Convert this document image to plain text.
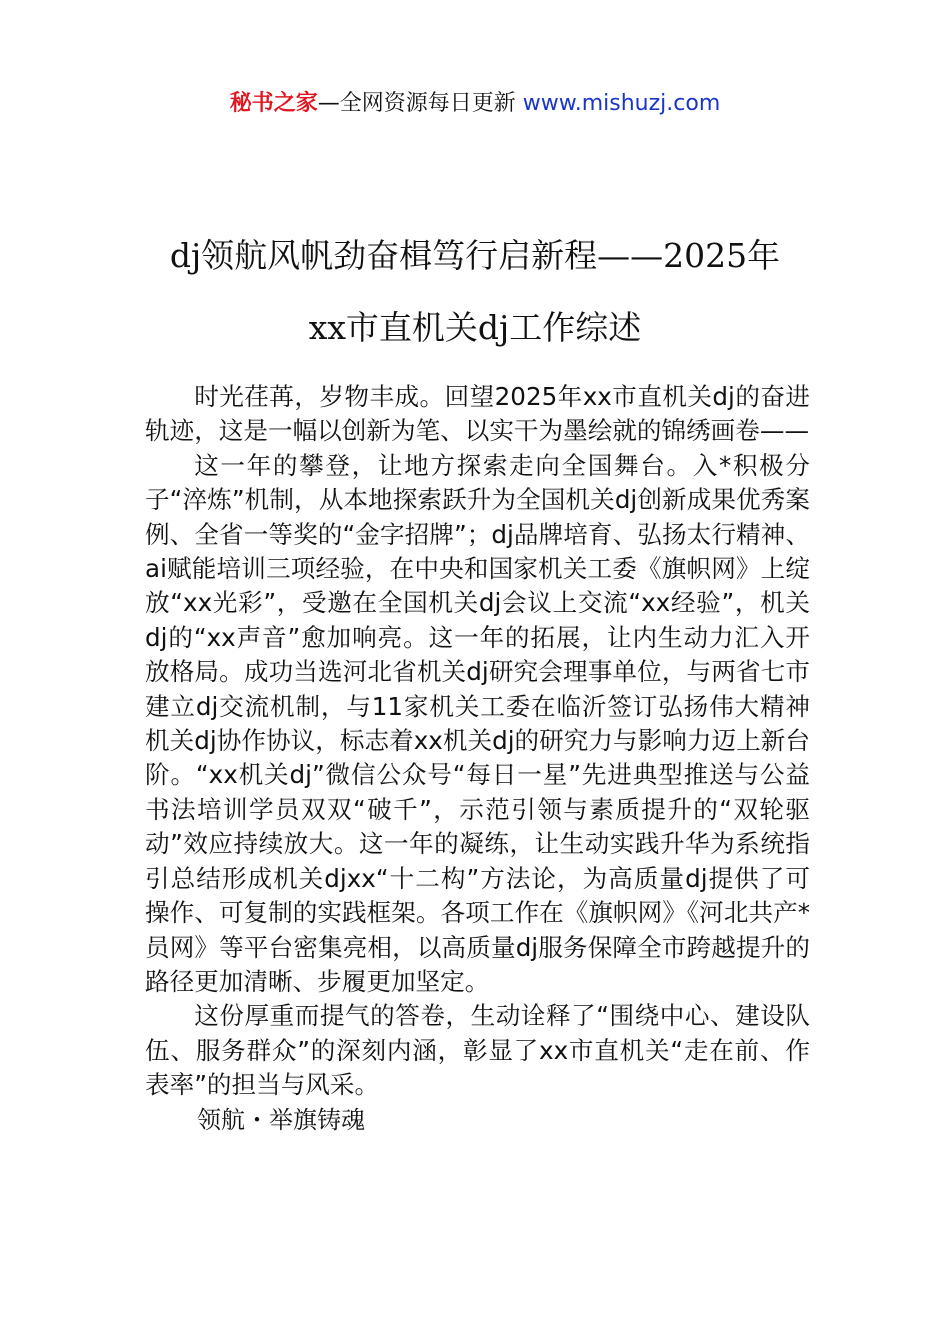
秘书之家—全网资源每日更新 www.mishuzj.com
dj领航风帆劲奋楫笃行启新程——2025年
xx市直机关dj工作综述

时光荏苒，岁物丰成。回望2025年xx市直机关dj的奋进轨迹，这是一幅以创新为笔、以实干为墨绘就的锦绣画卷——

这一年的攀登，让地方探索走向全国舞台。入*积极分子“淬炼”机制，从本地探索跃升为全国机关dj创新成果优秀案例、全省一等奖的“金字招牌”；dj品牌培育、弘扬太行精神、ai赋能培训三项经验，在中央和国家机关工委《旗帜网》上绽放“xx光彩”，受邀在全国机关dj会议上交流“xx经验”，机关dj的“xx声音”愈加响亮。这一年的拓展，让内生动力汇入开放格局。成功当选河北省机关dj研究会理事单位，与两省七市建立dj交流机制，与11家机关工委在临沂签订弘扬伟大精神机关dj协作协议，标志着xx机关dj的研究力与影响力迈上新台阶。“xx机关dj”微信公众号“每日一星”先进典型推送与公益书法培训学员双双“破千”，示范引领与素质提升的“双轮驱动”效应持续放大。这一年的凝练，让生动实践升华为系统指引总结形成机关djxx“十二构”方法论，为高质量dj提供了可操作、可复制的实践框架。各项工作在《旗帜网》《河北共产*员网》等平台密集亮相，以高质量dj服务保障全市跨越提升的路径更加清晰、步履更加坚定。

这份厚重而提气的答卷，生动诠释了“围绕中心、建设队伍、服务群众”的深刻内涵，彰显了xx市直机关“走在前、作表率”的担当与风采。

领航・举旗铸魂
